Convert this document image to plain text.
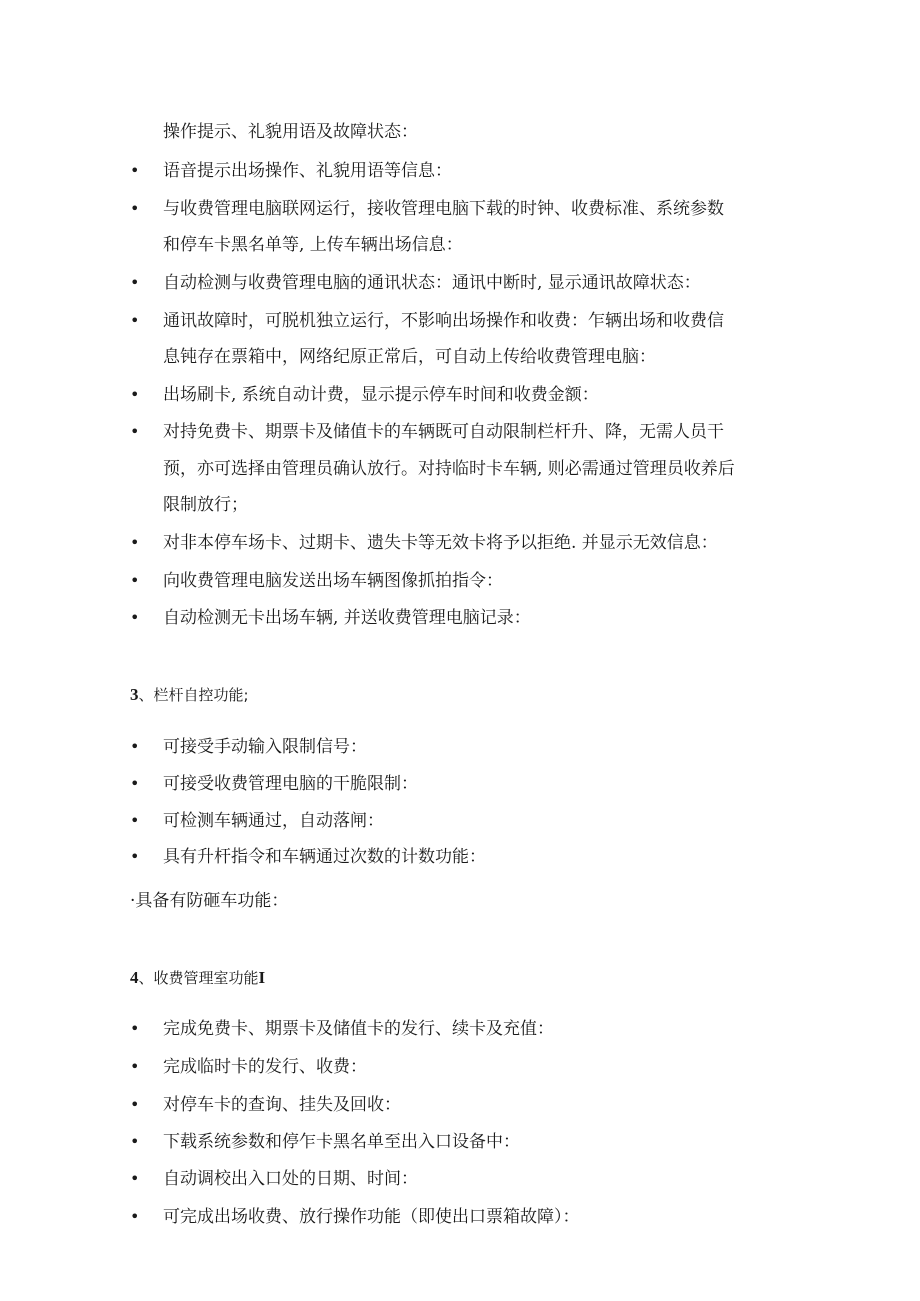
操作提示、礼貌用语及故障状态：
• 语音提示出场操作、礼貌用语等信息：
• 与收费管理电脑联网运行，接收管理电脑下载的时钟、收费标准、系统参数
和停车卡黑名单等, 上传车辆出场信息：
• 自动检测与收费管理电脑的通讯状态：通讯中断时, 显示通讯故障状态：
• 通讯故障时，可脱机独立运行，不影响出场操作和收费：乍辆出场和收费信
息钝存在票箱中，网络纪原正常后，可自动上传给收费管理电脑：
• 出场刷卡, 系统自动计费，显示提示停车时间和收费金额：
• 对持免费卡、期票卡及储值卡的车辆既可自动限制栏杆升、降，无需人员干
预，亦可选择由管理员确认放行。对持临时卡车辆, 则必需通过管理员收养后
限制放行；
• 对非本停车场卡、过期卡、遗失卡等无效卡将予以拒绝. 并显示无效信息：
• 向收费管理电脑发送出场车辆图像抓拍指令：
• 自动检测无卡出场车辆, 并送收费管理电脑记录：
3、栏杆自控功能;
• 可接受手动输入限制信号：
• 可接受收费管理电脑的干脆限制：
• 可检测车辆通过，自动落闸：
• 具有升杆指令和车辆通过次数的计数功能：
·具备有防砸车功能：
4、收费管理室功能I
• 完成免费卡、期票卡及储值卡的发行、续卡及充值：
• 完成临时卡的发行、收费：
• 对停车卡的查询、挂失及回收：
• 下载系统参数和停乍卡黑名单至出入口设备中：
• 自动调校出入口处的日期、时间：
• 可完成出场收费、放行操作功能（即使出口票箱故障）：
